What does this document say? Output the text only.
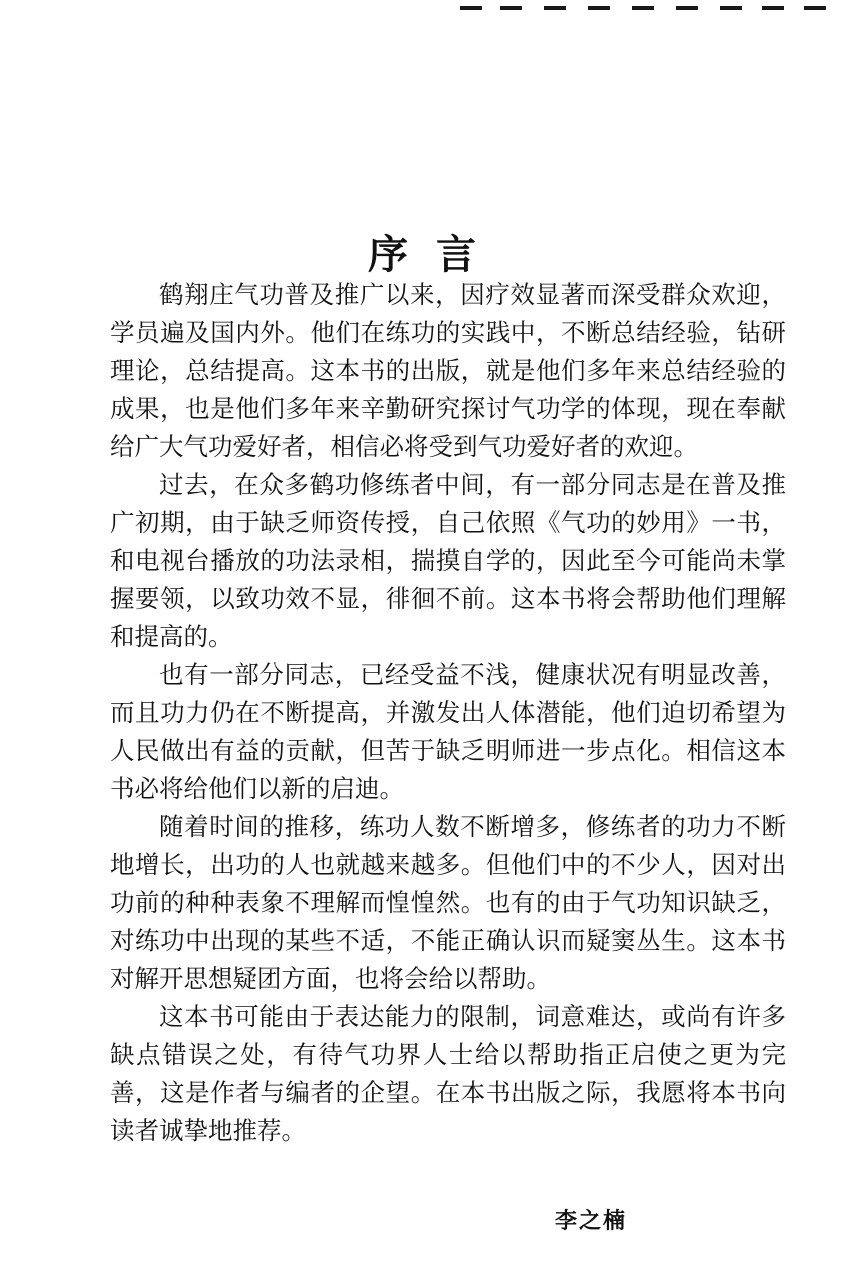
序言

鹤翔庄气功普及推广以来，因疗效显著而深受群众欢迎，学员遍及国内外。他们在练功的实践中，不断总结经验，钻研理论，总结提高。这本书的出版，就是他们多年来总结经验的成果，也是他们多年来辛勤研究探讨气功学的体现，现在奉献给广大气功爱好者，相信必将受到气功爱好者的欢迎。

过去，在众多鹤功修练者中间，有一部分同志是在普及推广初期，由于缺乏师资传授，自己依照《气功的妙用》一书，和电视台播放的功法录相，揣摸自学的，因此至今可能尚未掌握要领，以致功效不显，徘徊不前。这本书将会帮助他们理解和提高的。

也有一部分同志，已经受益不浅，健康状况有明显改善，而且功力仍在不断提高，并激发出人体潜能，他们迫切希望为人民做出有益的贡献，但苦于缺乏明师进一步点化。相信这本书必将给他们以新的启迪。

随着时间的推移，练功人数不断增多，修练者的功力不断地增长，出功的人也就越来越多。但他们中的不少人，因对出功前的种种表象不理解而惶惶然。也有的由于气功知识缺乏，对练功中出现的某些不适，不能正确认识而疑窦丛生。这本书对解开思想疑团方面，也将会给以帮助。

这本书可能由于表达能力的限制，词意难达，或尚有许多缺点错误之处，有待气功界人士给以帮助指正启使之更为完善，这是作者与编者的企望。在本书出版之际，我愿将本书向读者诚挚地推荐。

李之楠
